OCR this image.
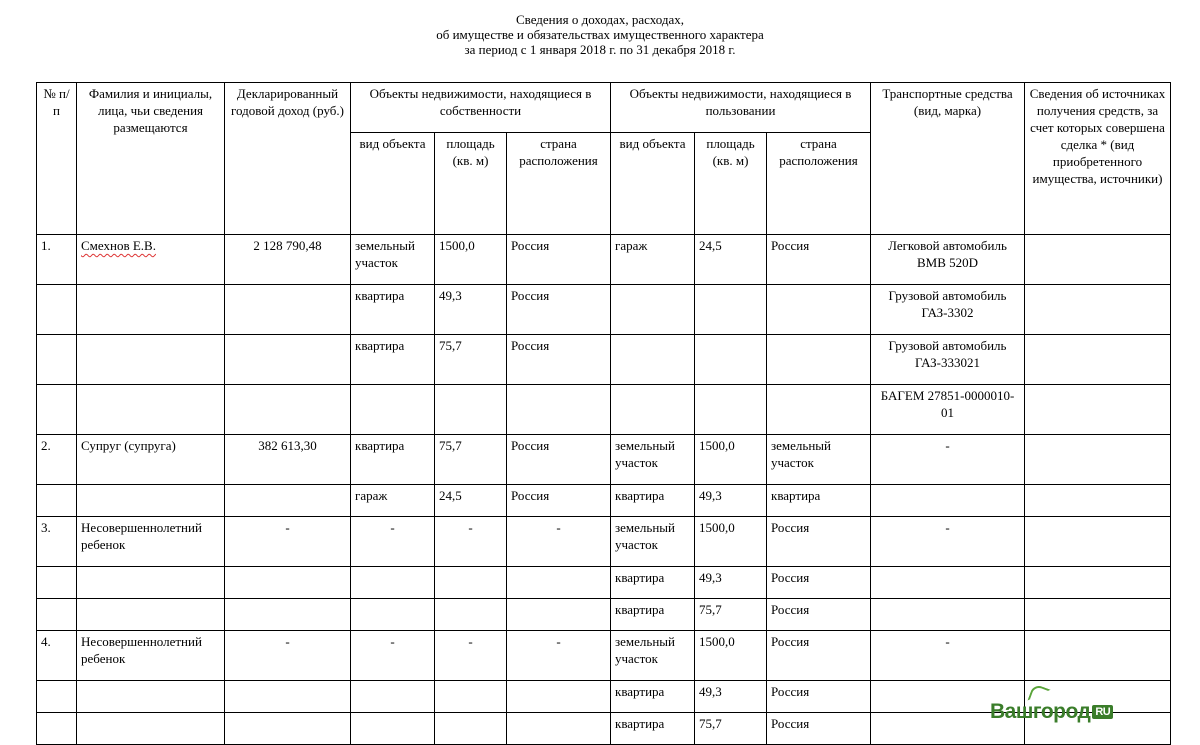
Сведения о доходах, расходах,
об имуществе и обязательствах имущественного характера
за период с 1 января 2018 г. по 31 декабря 2018 г.
№ п/п	Фамилия и инициалы, лица, чьи сведения размещаются	Декларированный годовой доход (руб.)	Объекты недвижимости, находящиеся в собственности			Объекты недвижимости, находящиеся в пользовании			Транспортные средства (вид, марка)	Сведения об источниках получения средств, за счет которых совершена сделка * (вид приобретенного имущества, источники)
			вид объекта	площадь (кв. м)	страна расположения	вид объекта	площадь (кв. м)	страна расположения		
1.	Смехнов Е.В.	2 128 790,48	земельный участок	1500,0	Россия	гараж	24,5	Россия	Легковой автомобиль BMB 520D	
			квартира	49,3	Россия				Грузовой автомобиль ГАЗ-3302	
			квартира	75,7	Россия				Грузовой автомобиль ГАЗ-333021	
									БАГЕМ 27851-0000010-01	
2.	Супруг (супруга)	382 613,30	квартира	75,7	Россия	земельный участок	1500,0	земельный участок	-	
			гараж	24,5	Россия	квартира	49,3	квартира		
3.	Несовершеннолетний ребенок	-	-	-	-	земельный участок	1500,0	Россия	-	
						квартира	49,3	Россия		
						квартира	75,7	Россия		
4.	Несовершеннолетний ребенок	-	-	-	-	земельный участок	1500,0	Россия	-	
						квартира	49,3	Россия		
						квартира	75,7	Россия		
Вашгород RU
